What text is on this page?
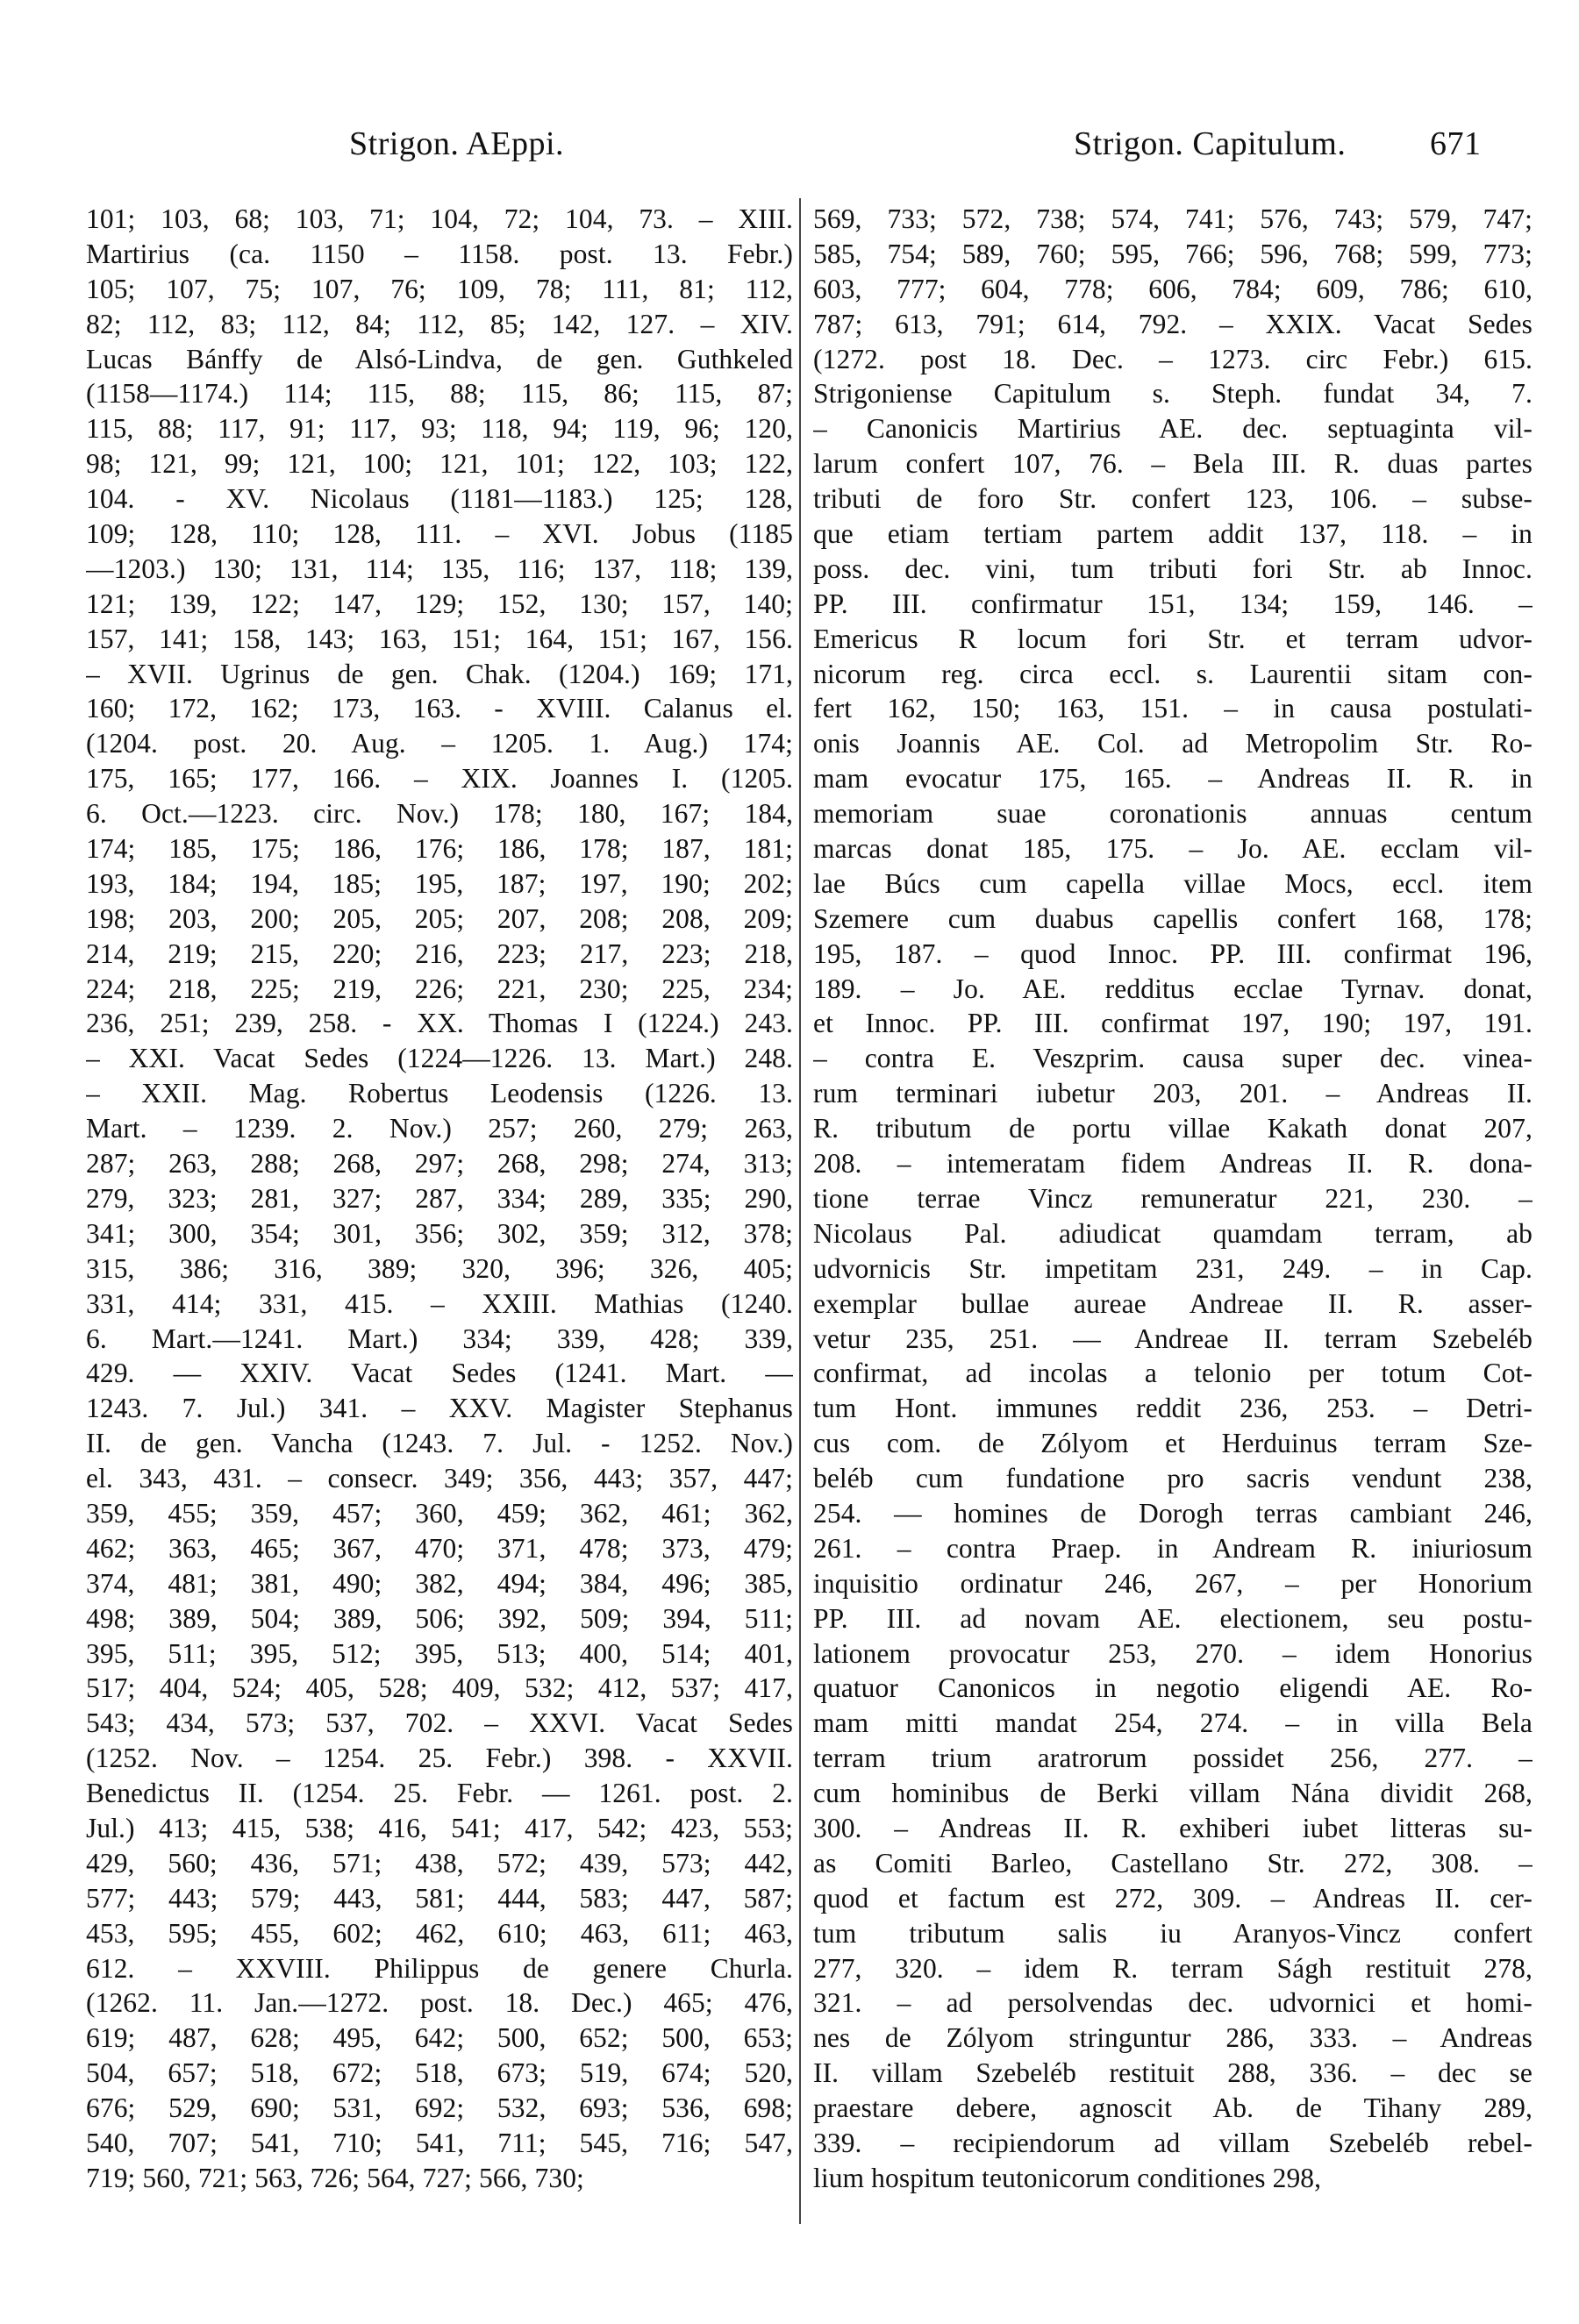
Strigon. AEppi.	Strigon. Capitulum.	671
101; 103, 68; 103, 71; 104, 72; 104, 73. – XIII.
Martirius (ca. 1150 – 1158. post. 13. Febr.)
105; 107, 75; 107, 76; 109, 78; 111, 81; 112,
82; 112, 83; 112, 84; 112, 85; 142, 127. – XIV.
Lucas Bánffy de Alsó-Lindva, de gen. Guthkeled
(1158—1174.) 114; 115, 88; 115, 86; 115, 87;
115, 88; 117, 91; 117, 93; 118, 94; 119, 96; 120,
98; 121, 99; 121, 100; 121, 101; 122, 103; 122,
104. - XV. Nicolaus (1181—1183.) 125; 128,
109; 128, 110; 128, 111. – XVI. Jobus (1185
—1203.) 130; 131, 114; 135, 116; 137, 118; 139,
121; 139, 122; 147, 129; 152, 130; 157, 140;
157, 141; 158, 143; 163, 151; 164, 151; 167, 156.
– XVII. Ugrinus de gen. Chak. (1204.) 169; 171,
160; 172, 162; 173, 163. - XVIII. Calanus el.
(1204. post. 20. Aug. – 1205. 1. Aug.) 174;
175, 165; 177, 166. – XIX. Joannes I. (1205.
6. Oct.—1223. circ. Nov.) 178; 180, 167; 184,
174; 185, 175; 186, 176; 186, 178; 187, 181;
193, 184; 194, 185; 195, 187; 197, 190; 202;
198; 203, 200; 205, 205; 207, 208; 208, 209;
214, 219; 215, 220; 216, 223; 217, 223; 218,
224; 218, 225; 219, 226; 221, 230; 225, 234;
236, 251; 239, 258. - XX. Thomas I (1224.) 243.
– XXI. Vacat Sedes (1224—1226. 13. Mart.) 248.
– XXII. Mag. Robertus Leodensis (1226. 13.
Mart. – 1239. 2. Nov.) 257; 260, 279; 263,
287; 263, 288; 268, 297; 268, 298; 274, 313;
279, 323; 281, 327; 287, 334; 289, 335; 290,
341; 300, 354; 301, 356; 302, 359; 312, 378;
315, 386; 316, 389; 320, 396; 326, 405;
331, 414; 331, 415. – XXIII. Mathias (1240.
6. Mart.—1241. Mart.) 334; 339, 428; 339,
429. — XXIV. Vacat Sedes (1241. Mart. —
1243. 7. Jul.) 341. – XXV. Magister Stephanus
II. de gen. Vancha (1243. 7. Jul. - 1252. Nov.)
el. 343, 431. – consecr. 349; 356, 443; 357, 447;
359, 455; 359, 457; 360, 459; 362, 461; 362,
462; 363, 465; 367, 470; 371, 478; 373, 479;
374, 481; 381, 490; 382, 494; 384, 496; 385,
498; 389, 504; 389, 506; 392, 509; 394, 511;
395, 511; 395, 512; 395, 513; 400, 514; 401,
517; 404, 524; 405, 528; 409, 532; 412, 537; 417,
543; 434, 573; 537, 702. – XXVI. Vacat Sedes
(1252. Nov. – 1254. 25. Febr.) 398. - XXVII.
Benedictus II. (1254. 25. Febr. — 1261. post. 2.
Jul.) 413; 415, 538; 416, 541; 417, 542; 423, 553;
429, 560; 436, 571; 438, 572; 439, 573; 442,
577; 443; 579; 443, 581; 444, 583; 447, 587;
453, 595; 455, 602; 462, 610; 463, 611; 463,
612. – XXVIII. Philippus de genere Churla.
(1262. 11. Jan.—1272. post. 18. Dec.) 465; 476,
619; 487, 628; 495, 642; 500, 652; 500, 653;
504, 657; 518, 672; 518, 673; 519, 674; 520,
676; 529, 690; 531, 692; 532, 693; 536, 698;
540, 707; 541, 710; 541, 711; 545, 716; 547,
719; 560, 721; 563, 726; 564, 727; 566, 730;
569, 733; 572, 738; 574, 741; 576, 743; 579, 747;
585, 754; 589, 760; 595, 766; 596, 768; 599, 773;
603, 777; 604, 778; 606, 784; 609, 786; 610,
787; 613, 791; 614, 792. – XXIX. Vacat Sedes
(1272. post 18. Dec. – 1273. circ Febr.) 615.
Strigoniense Capitulum s. Steph. fundat 34, 7.
– Canonicis Martirius AE. dec. septuaginta vil-
larum confert 107, 76. – Bela III. R. duas partes
tributi de foro Str. confert 123, 106. – subse-
que etiam tertiam partem addit 137, 118. – in
poss. dec. vini, tum tributi fori Str. ab Innoc.
PP. III. confirmatur 151, 134; 159, 146. –
Emericus R locum fori Str. et terram udvor-
nicorum reg. circa eccl. s. Laurentii sitam con-
fert 162, 150; 163, 151. – in causa postulati-
onis Joannis AE. Col. ad Metropolim Str. Ro-
mam evocatur 175, 165. – Andreas II. R. in
memoriam suae coronationis annuas centum
marcas donat 185, 175. – Jo. AE. ecclam vil-
lae Búcs cum capella villae Mocs, eccl. item
Szemere cum duabus capellis confert 168, 178;
195, 187. – quod Innoc. PP. III. confirmat 196,
189. – Jo. AE. redditus ecclae Tyrnav. donat,
et Innoc. PP. III. confirmat 197, 190; 197, 191.
– contra E. Veszprim. causa super dec. vinea-
rum terminari iubetur 203, 201. – Andreas II.
R. tributum de portu villae Kakath donat 207,
208. – intemeratam fidem Andreas II. R. dona-
tione terrae Vincz remuneratur 221, 230. –
Nicolaus Pal. adiudicat quamdam terram, ab
udvornicis Str. impetitam 231, 249. – in Cap.
exemplar bullae aureae Andreae II. R. asser-
vetur 235, 251. — Andreae II. terram Szebeléb
confirmat, ad incolas a telonio per totum Cot-
tum Hont. immunes reddit 236, 253. – Detri-
cus com. de Zólyom et Herduinus terram Sze-
beléb cum fundatione pro sacris vendunt 238,
254. — homines de Dorogh terras cambiant 246,
261. – contra Praep. in Andream R. iniuriosum
inquisitio ordinatur 246, 267, – per Honorium
PP. III. ad novam AE. electionem, seu postu-
lationem provocatur 253, 270. – idem Honorius
quatuor Canonicos in negotio eligendi AE. Ro-
mam mitti mandat 254, 274. – in villa Bela
terram trium aratrorum possidet 256, 277. –
cum hominibus de Berki villam Nána dividit 268,
300. – Andreas II. R. exhiberi iubet litteras su-
as Comiti Barleo, Castellano Str. 272, 308. –
quod et factum est 272, 309. – Andreas II. cer-
tum tributum salis iu Aranyos-Vincz confert
277, 320. – idem R. terram Ságh restituit 278,
321. – ad persolvendas dec. udvornici et homi-
nes de Zólyom stringuntur 286, 333. – Andreas
II. villam Szebeléb restituit 288, 336. – dec se
praestare debere, agnoscit Ab. de Tihany 289,
339. – recipiendorum ad villam Szebeléb rebel-
lium hospitum teutonicorum conditiones 298,
